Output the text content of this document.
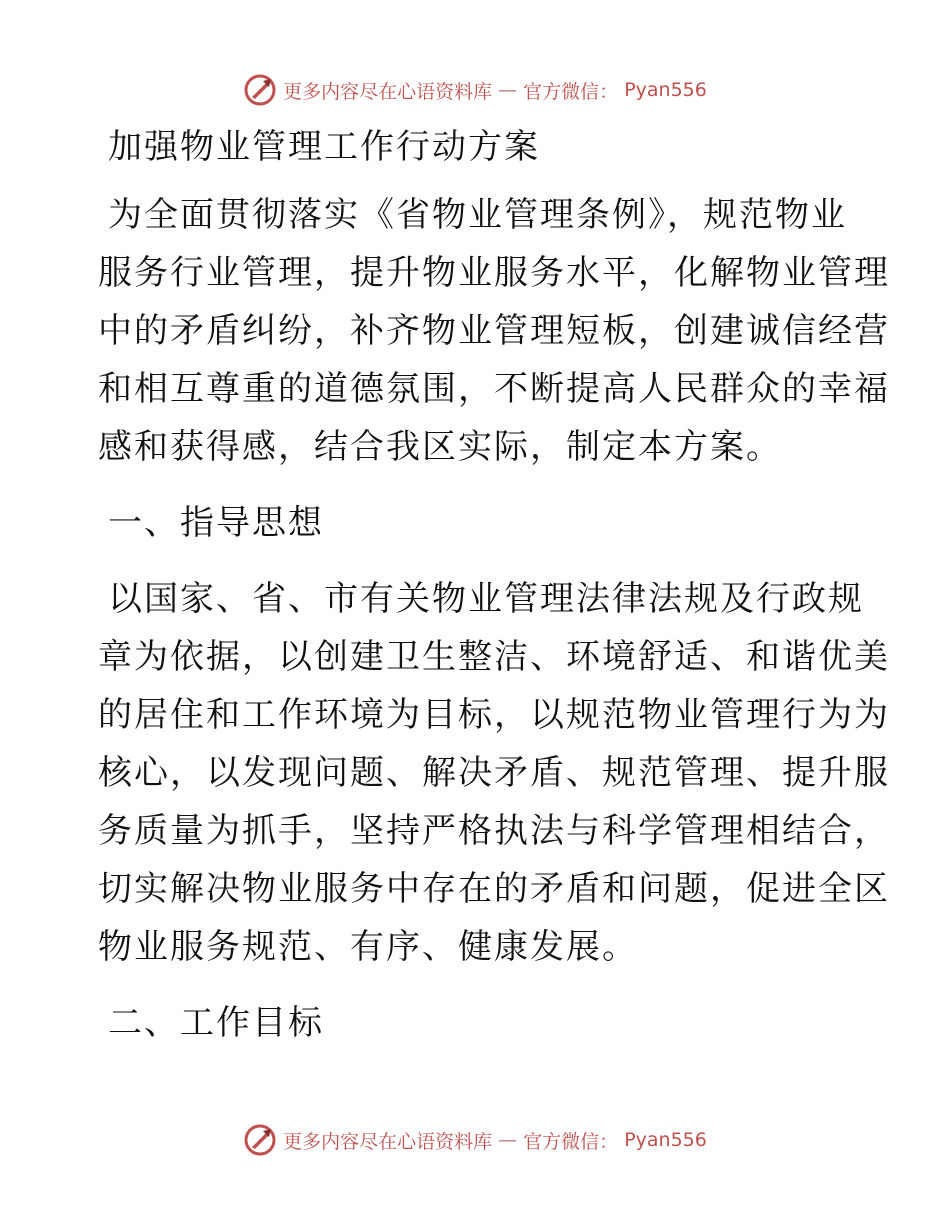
更多内容尽在心语资料库 — 官方微信： Pyan556
加强物业管理工作行动方案
为全面贯彻落实《省物业管理条例》，规范物业
服务行业管理，提升物业服务水平，化解物业管理
中的矛盾纠纷，补齐物业管理短板，创建诚信经营
和相互尊重的道德氛围，不断提高人民群众的幸福
感和获得感，结合我区实际，制定本方案。
一、指导思想
以国家、省、市有关物业管理法律法规及行政规
章为依据，以创建卫生整洁、环境舒适、和谐优美
的居住和工作环境为目标，以规范物业管理行为为
核心，以发现问题、解决矛盾、规范管理、提升服
务质量为抓手，坚持严格执法与科学管理相结合，
切实解决物业服务中存在的矛盾和问题，促进全区
物业服务规范、有序、健康发展。
二、工作目标
更多内容尽在心语资料库 — 官方微信： Pyan556
